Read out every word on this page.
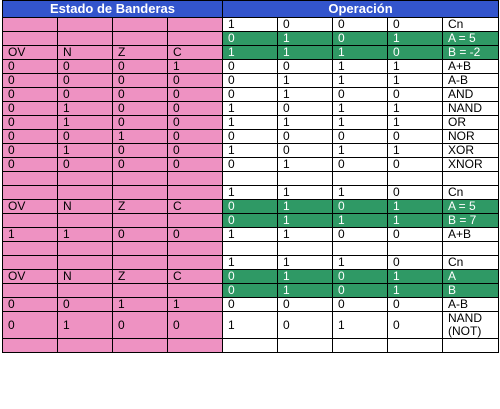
Estado de Banderas				Operación				
				1	0	0	0	Cn
				0	1	0	1	A = 5
OV	N	Z	C	1	1	1	0	B = -2
0	0	0	1	0	0	1	1	A+B
0	0	0	0	0	1	1	1	A-B
0	0	0	0	0	1	0	0	AND
0	1	0	0	1	0	1	1	NAND
0	1	0	0	1	1	1	1	OR
0	0	1	0	0	0	0	0	NOR
0	1	0	0	1	0	1	1	XOR
0	0	0	0	0	1	0	0	XNOR

				1	1	1	0	Cn
OV	N	Z	C	0	1	0	1	A = 5
				0	1	1	1	B = 7
1	1	0	0	1	1	0	0	A+B

				1	1	1	0	Cn
OV	N	Z	C	0	1	0	1	A
				0	1	0	1	B
0	0	1	1	0	0	0	0	A-B
0	1	0	0	1	0	1	0	NAND (NOT)
